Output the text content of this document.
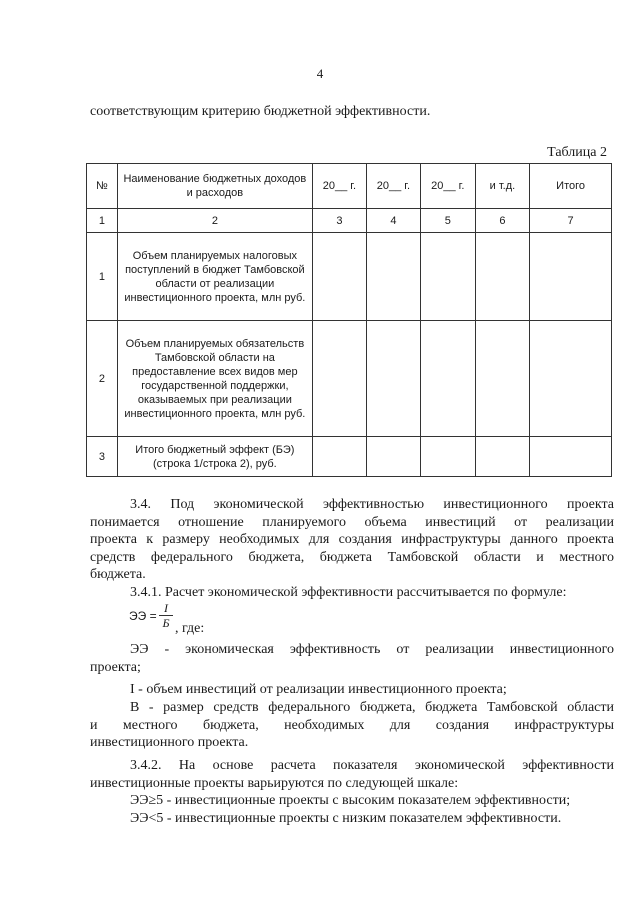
4
соответствующим критерию бюджетной эффективности.
Таблица 2
№	Наименование бюджетных доходов и расходов	20__ г.	20__ г.	20__ г.	и т.д.	Итого
1	2	3	4	5	6	7
1	Объем планируемых налоговых поступлений в бюджет Тамбовской области от реализации инвестиционного проекта, млн руб.					
2	Объем планируемых обязательств Тамбовской области на предоставление всех видов мер государственной поддержки, оказываемых при реализации инвестиционного проекта, млн руб.					
3	Итого бюджетный эффект (БЭ) (строка 1/строка 2), руб.					
3.4. Под экономической эффективностью инвестиционного проекта
понимается отношение планируемого объема инвестиций от реализации
проекта к размеру необходимых для создания инфраструктуры данного проекта
средств федерального бюджета, бюджета Тамбовской области и местного
бюджета.
3.4.1. Расчет экономической эффективности рассчитывается по формуле:
ЭЭ =
I
Б , где:
ЭЭ - экономическая эффективность от реализации инвестиционного
проекта;
I - объем инвестиций от реализации инвестиционного проекта;
В - размер средств федерального бюджета, бюджета Тамбовской области
и местного бюджета, необходимых для создания инфраструктуры
инвестиционного проекта.
3.4.2. На основе расчета показателя экономической эффективности
инвестиционные проекты варьируются по следующей шкале:
ЭЭ≥5 - инвестиционные проекты с высоким показателем эффективности;
ЭЭ<5 - инвестиционные проекты с низким показателем эффективности.
